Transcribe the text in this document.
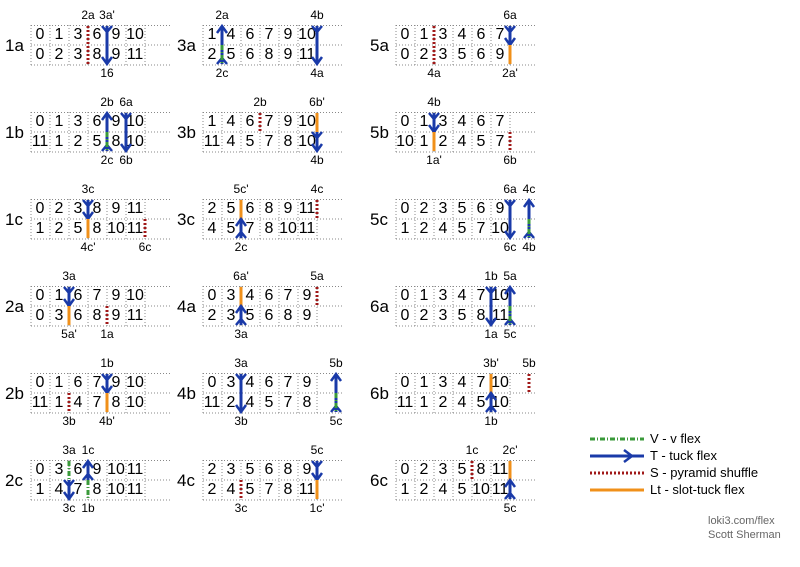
1a
0 1 3 6 9 10
0 2 3 8 9 11
2a 3a'
16
3a
1 4 6 7 9 10
2 5 6 8 9 11
2a
2c
4b
4a
5a
0 1 3 4 6 7
0 2 3 5 6 9
4a
6a
2a'
1b
0 1 3 6 9 10
11 1 2 5 8 10
2b
2c
6a
6b
3b
1 4 6 7 9 10
11 4 5 7 8 10
2b	6b'
4b
5b
0 1 3 4 6 7
10 1 2 4 5 7
4b
1a'	6b
1c
0 2 3 8 9 11
1 2 5 8 10 11
3c
4c'	6c
3c
2 5 6 8 9 11
4 5 7 8 10 11
5c'
2c
4c
5c
0 2 3 5 6 9
1 2 4 5 7 10
6a
6c
4c
4b
2a
0 1 6 7 9 10
0 3 6 8 9 11
3a
5a'	1a
4a
0 3 4 6 7 9
2 3 5 6 8 9
6a'
3a
5a
6a
0 1 3 4 7 10
0 2 3 5 8 11
1b
1a
5a
5c
2b
0 1 6 7 9 10
11 1 4 7 8 10
3b
1b
4b'
4b
0 3 4 6 7 9
11 2 4 5 7 8
3a
3b
5b
5c
6b
0 1 3 4 7 10
11 1 2 4 5 10
3b'
1b
5b
2c
0 3 6 9 10 11
1 4 7 8 10 11
3a
3c
1c
1b
4c
2 3 5 6 8 9
2 4 5 7 8 11
3c
5c
1c'
6c
0 2 3 5 8 11
1 2 4 5 10 11
1c	2c'
5c
V - v flex
T - tuck flex
S - pyramid shuffle
Lt - slot-tuck flex
loki3.com/flex
Scott Sherman
